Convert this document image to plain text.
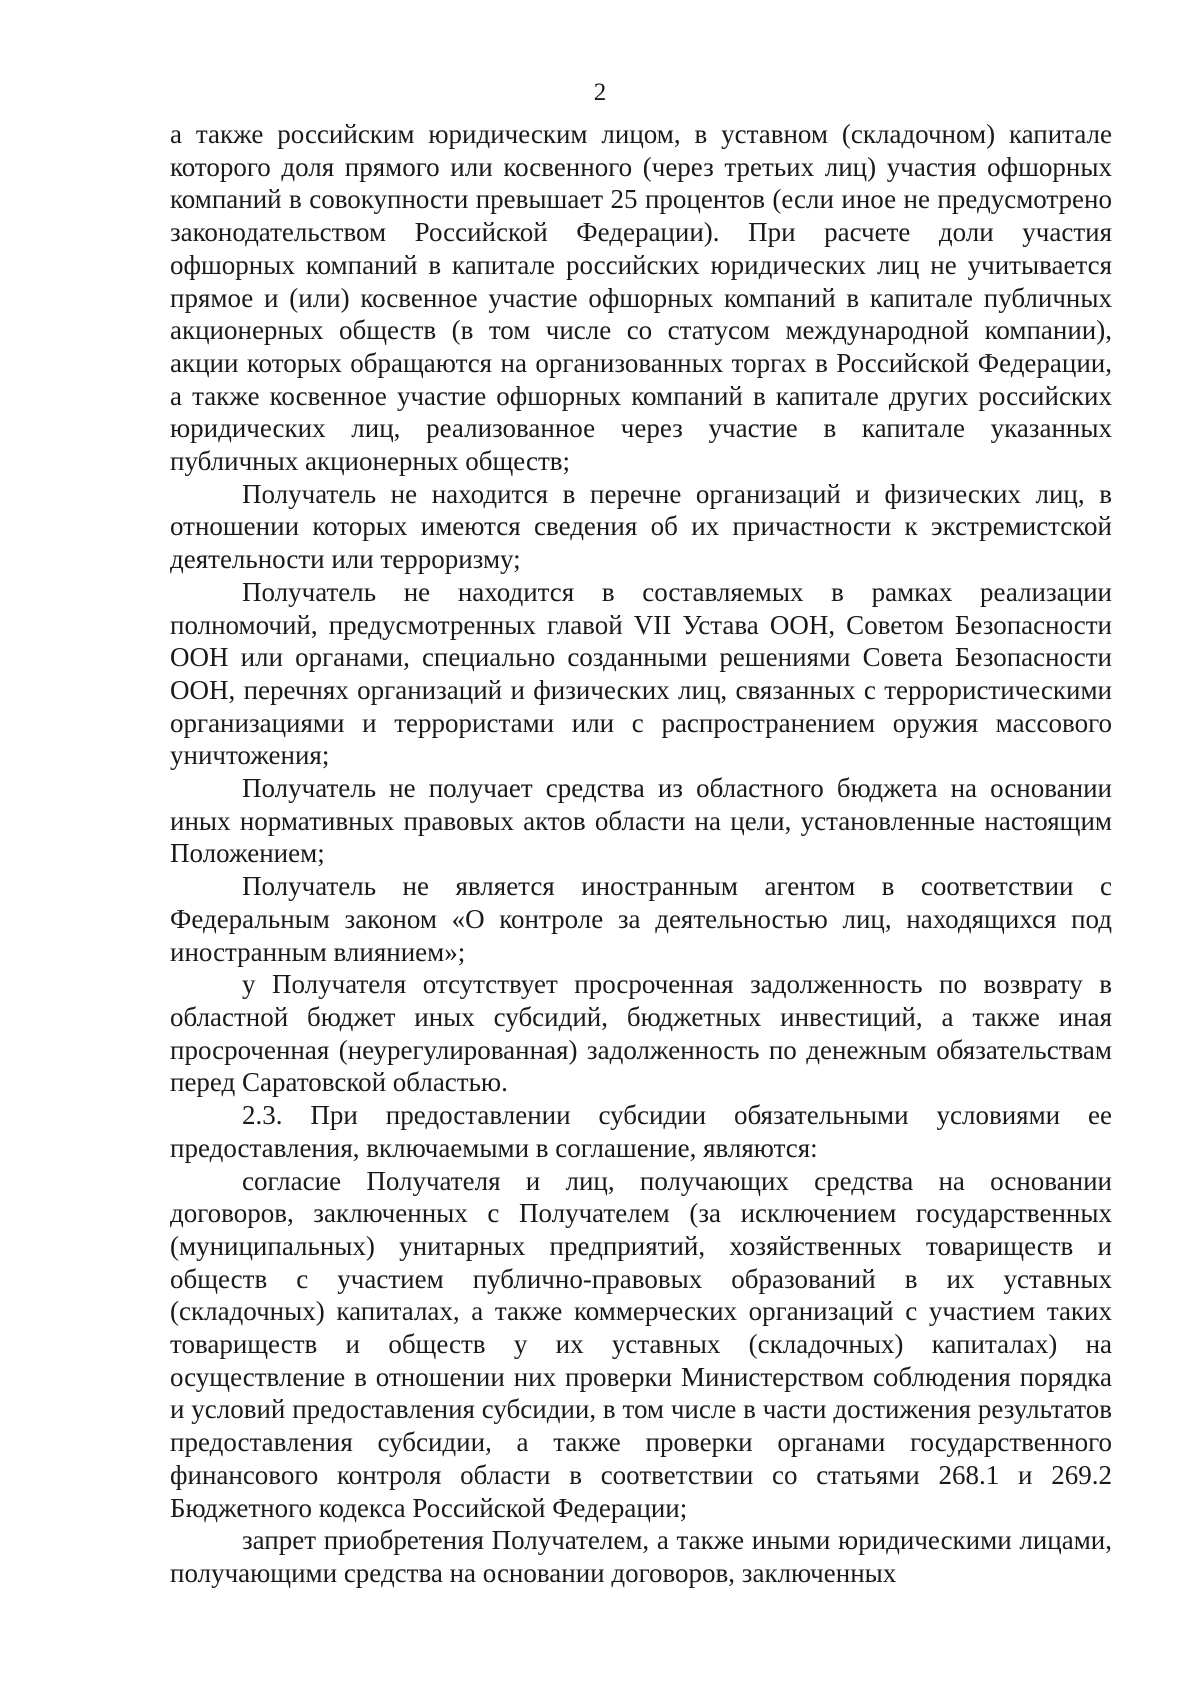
2

а также российским юридическим лицом, в уставном (складочном) капитале которого доля прямого или косвенного (через третьих лиц) участия офшорных компаний в совокупности превышает 25 процентов (если иное не предусмотрено законодательством Российской Федерации). При расчете доли участия офшорных компаний в капитале российских юридических лиц не учитывается прямое и (или) косвенное участие офшорных компаний в капитале публичных акционерных обществ (в том числе со статусом международной компании), акции которых обращаются на организованных торгах в Российской Федерации, а также косвенное участие офшорных компаний в капитале других российских юридических лиц, реализованное через участие в капитале указанных публичных акционерных обществ;

Получатель не находится в перечне организаций и физических лиц, в отношении которых имеются сведения об их причастности к экстремистской деятельности или терроризму;

Получатель не находится в составляемых в рамках реализации полномочий, предусмотренных главой VII Устава ООН, Советом Безопасности ООН или органами, специально созданными решениями Совета Безопасности ООН, перечнях организаций и физических лиц, связанных с террористическими организациями и террористами или с распространением оружия массового уничтожения;

Получатель не получает средства из областного бюджета на основании иных нормативных правовых актов области на цели, установленные настоящим Положением;

Получатель не является иностранным агентом в соответствии с Федеральным законом «О контроле за деятельностью лиц, находящихся под иностранным влиянием»;

у Получателя отсутствует просроченная задолженность по возврату в областной бюджет иных субсидий, бюджетных инвестиций, а также иная просроченная (неурегулированная) задолженность по денежным обязательствам перед Саратовской областью.

2.3. При предоставлении субсидии обязательными условиями ее предоставления, включаемыми в соглашение, являются:

согласие Получателя и лиц, получающих средства на основании договоров, заключенных с Получателем (за исключением государственных (муниципальных) унитарных предприятий, хозяйственных товариществ и обществ с участием публично-правовых образований в их уставных (складочных) капиталах, а также коммерческих организаций с участием таких товариществ и обществ у их уставных (складочных) капиталах) на осуществление в отношении них проверки Министерством соблюдения порядка и условий предоставления субсидии, в том числе в части достижения результатов предоставления субсидии, а также проверки органами государственного финансового контроля области в соответствии со статьями 268.1 и 269.2 Бюджетного кодекса Российской Федерации;

запрет приобретения Получателем, а также иными юридическими лицами, получающими средства на основании договоров, заключенных
